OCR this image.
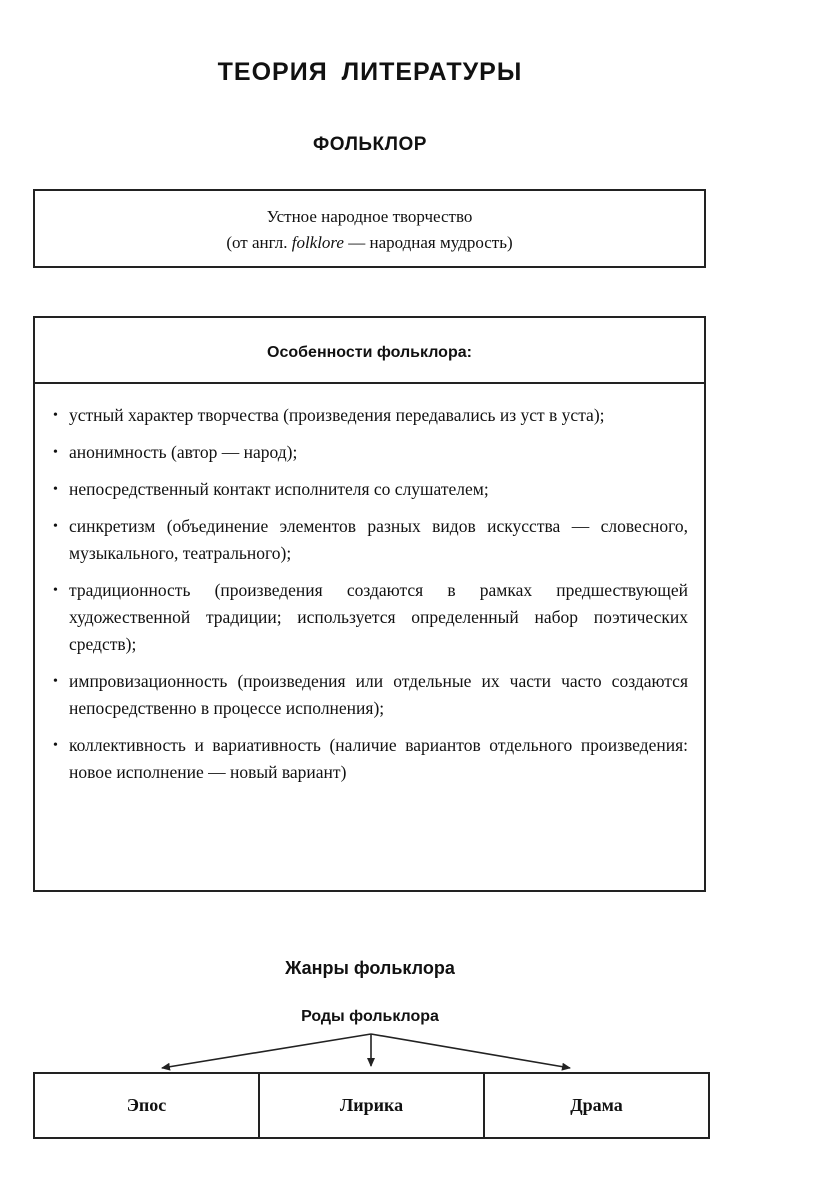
ТЕОРИЯ ЛИТЕРАТУРЫ
ФОЛЬКЛОР
Устное народное творчество
(от англ. folklore — народная мудрость)
Особенности фольклора:
• устный характер творчества (произведения передавались из уст в уста);
• анонимность (автор — народ);
• непосредственный контакт исполнителя со слушателем;
• синкретизм (объединение элементов разных видов искусства — словесного, музыкального, театрального);
• традиционность (произведения создаются в рамках предшествующей художественной традиции; используется определенный набор поэтических средств);
• импровизационность (произведения или отдельные их части часто создаются непосредственно в процессе исполнения);
• коллективность и вариативность (наличие вариантов отдельного произведения: новое исполнение — новый вариант)
Жанры фольклора
Роды фольклора
Эпос	Лирика	Драма
